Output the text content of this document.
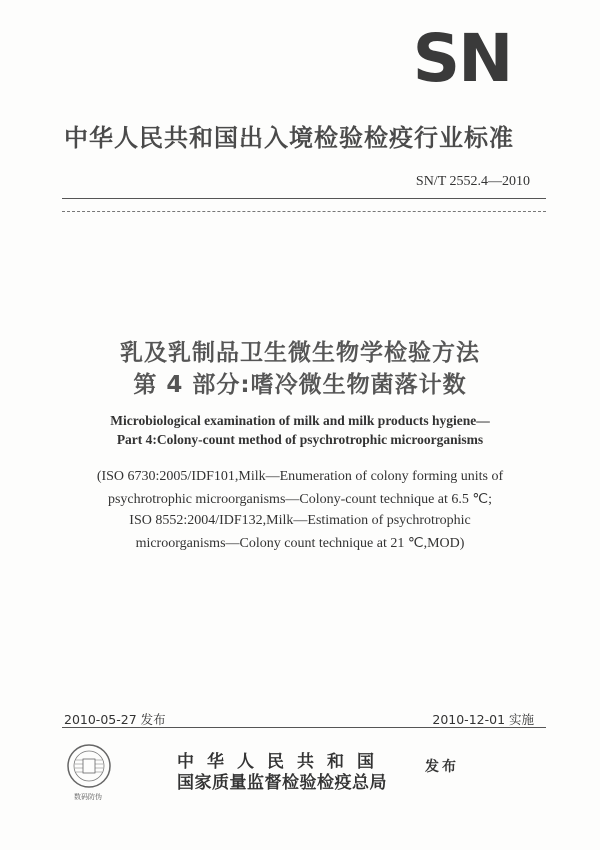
SN
中华人民共和国出入境检验检疫行业标准
SN/T 2552.4—2010
乳及乳制品卫生微生物学检验方法
第 4 部分:嗜冷微生物菌落计数
Microbiological examination of milk and milk products hygiene—
Part 4:Colony-count method of psychrotrophic microorganisms
(ISO 6730:2005/IDF101,Milk—Enumeration of colony forming units of
psychrotrophic microorganisms—Colony-count technique at 6.5 ℃;
ISO 8552:2004/IDF132,Milk—Estimation of psychrotrophic
microorganisms—Colony count technique at 21 ℃,MOD)
2010-05-27 发布	2010-12-01 实施
数码防伪
中华人民共和国
国家质量监督检验检疫总局
发布
